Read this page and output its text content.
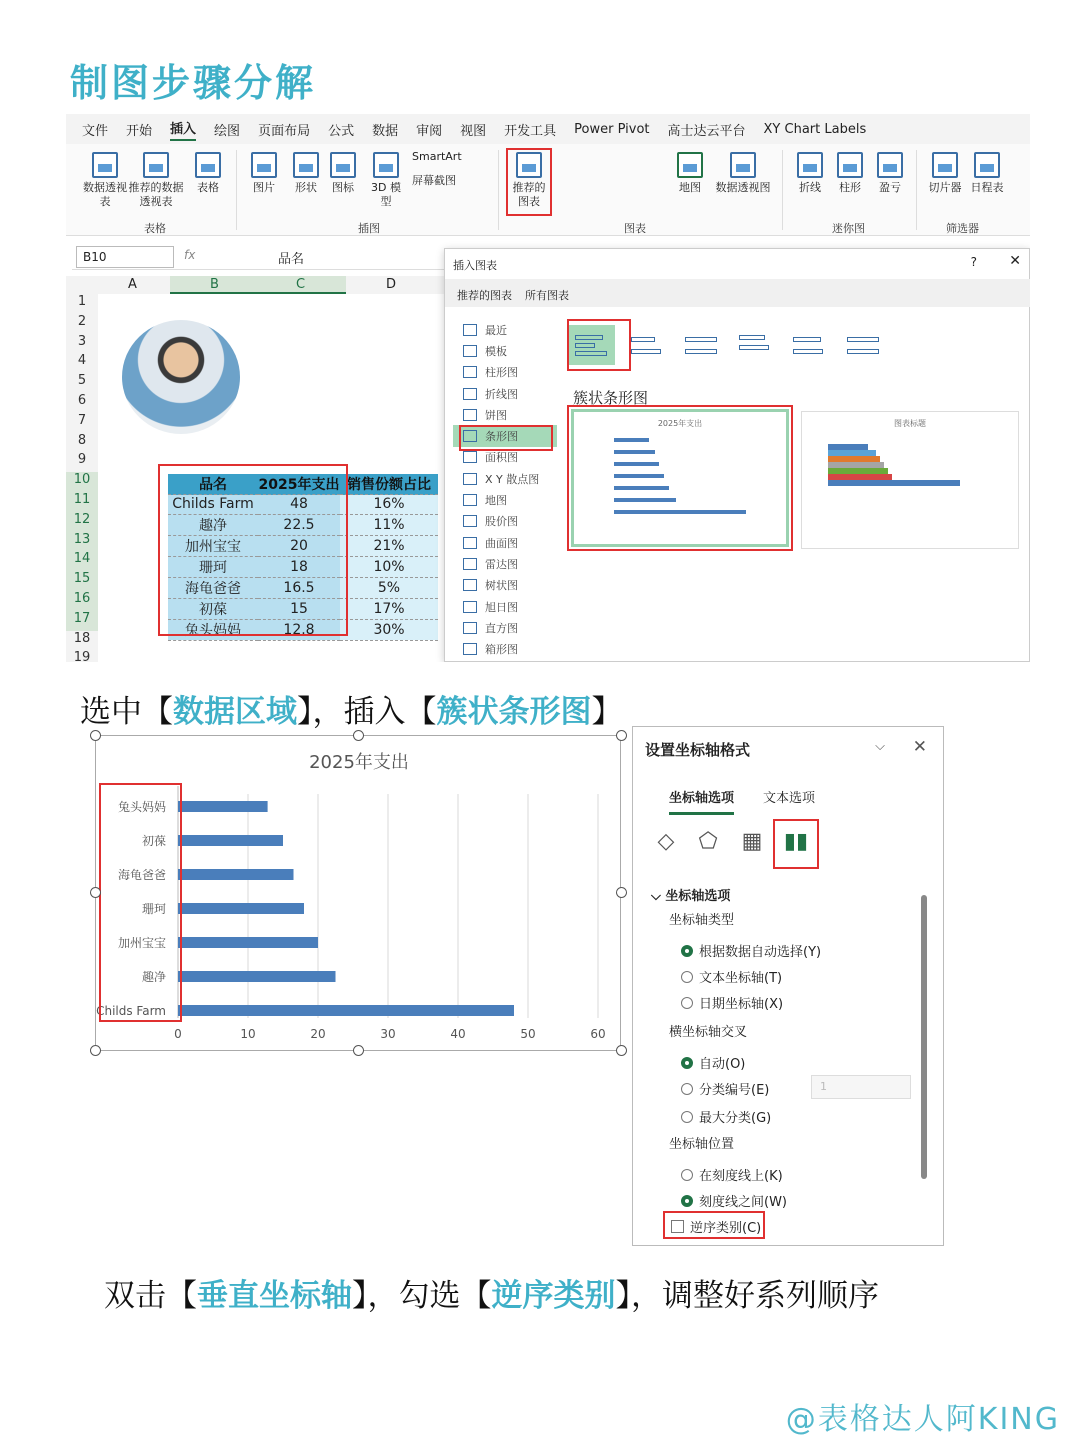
制图步骤分解
文件 开始 插入 绘图 页面布局 公式 数据 审阅 视图 开发工具 Power Pivot 高士达云平台 XY Chart Labels
数据透视表
推荐的数据透视表
表格
表格
图片	形状	图标	3D 模型
SmartArt
屏幕截图
插图
推荐的图表
地图	数据透视图
图表
折线	柱形	盈亏
迷你图
切片器 日程表
筛选器
B10	fx	品名
A	B	C	D
1
2
3
4
5
6
7
8
9
10
11
12
13
14
15
16
17
18
19
品名	2025年支出	销售份额占比
Childs Farm	48	16%
趣净	22.5	11%
加州宝宝	20	21%
珊珂	18	10%
海龟爸爸	16.5	5%
初葆	15	17%
兔头妈妈	12.8	30%
插入图表	? ✕
推荐的图表 所有图表
最近
模板
柱形图
折线图
饼图
条形图
面积图
X Y 散点图
地图
股价图
曲面图
雷达图
树状图
旭日图
直方图
箱形图
簇状条形图
2025年支出	图表标题
选中【数据区域】，插入【簇状条形图】
2025年支出
0	10	20	30	40	50	60
兔头妈妈
初葆
海龟爸爸
珊珂
加州宝宝
趣净
Childs Farm
设置坐标轴格式	⌵ ✕
坐标轴选项 文本选项
◇ ⬠ ▦ ▮▮
⌵ 坐标轴选项
坐标轴类型
根据数据自动选择(Y)
文本坐标轴(T)
日期坐标轴(X)
横坐标轴交叉
自动(O)
分类编号(E)	1
最大分类(G)
坐标轴位置
在刻度线上(K)
刻度线之间(W)
逆序类别(C)
双击【垂直坐标轴】，勾选【逆序类别】，调整好系列顺序
@表格达人阿KING
